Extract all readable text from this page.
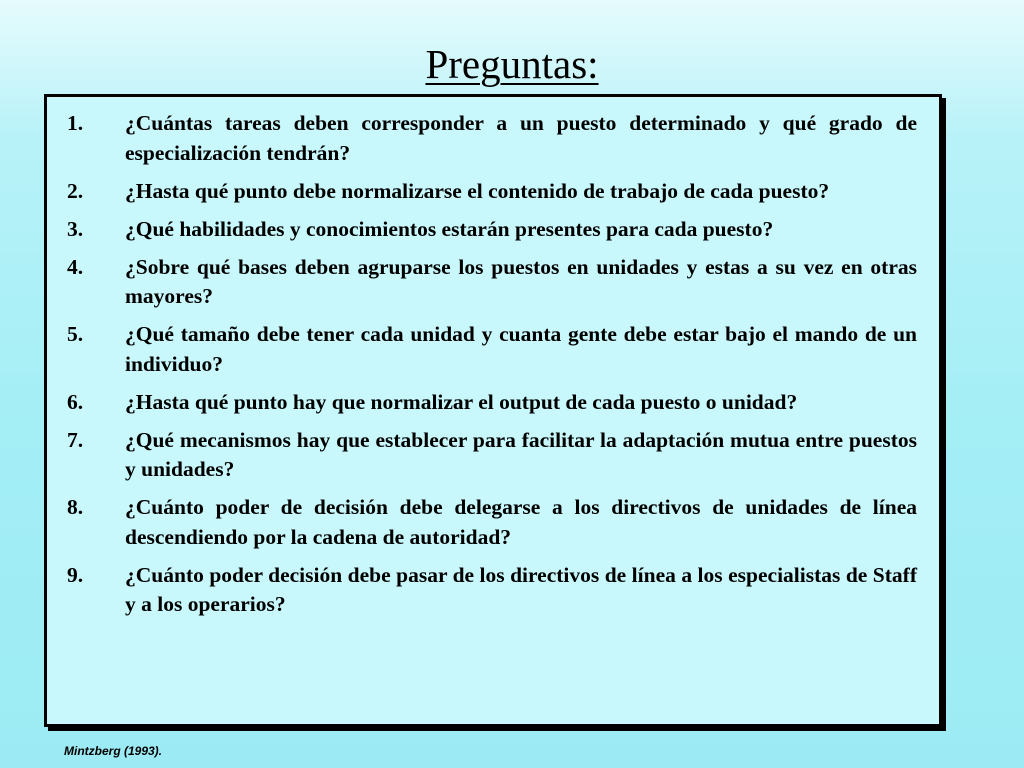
Preguntas:
1. ¿Cuántas tareas deben corresponder a un puesto determinado y qué grado de especialización tendrán?
2. ¿Hasta qué punto debe normalizarse el contenido de trabajo de cada puesto?
3. ¿Qué habilidades y conocimientos estarán presentes para cada puesto?
4. ¿Sobre qué bases deben agruparse los puestos en unidades y estas a su vez en otras mayores?
5. ¿Qué tamaño debe tener cada unidad y cuanta gente debe estar bajo el mando de un individuo?
6. ¿Hasta qué punto hay que normalizar el output de cada puesto o unidad?
7. ¿Qué mecanismos hay que establecer para facilitar la adaptación mutua entre puestos y unidades?
8. ¿Cuánto poder de decisión debe delegarse a los directivos de unidades de línea descendiendo por la cadena de autoridad?
9. ¿Cuánto poder decisión debe pasar de los directivos de línea a los especialistas de Staff y a los operarios?
Mintzberg (1993).
